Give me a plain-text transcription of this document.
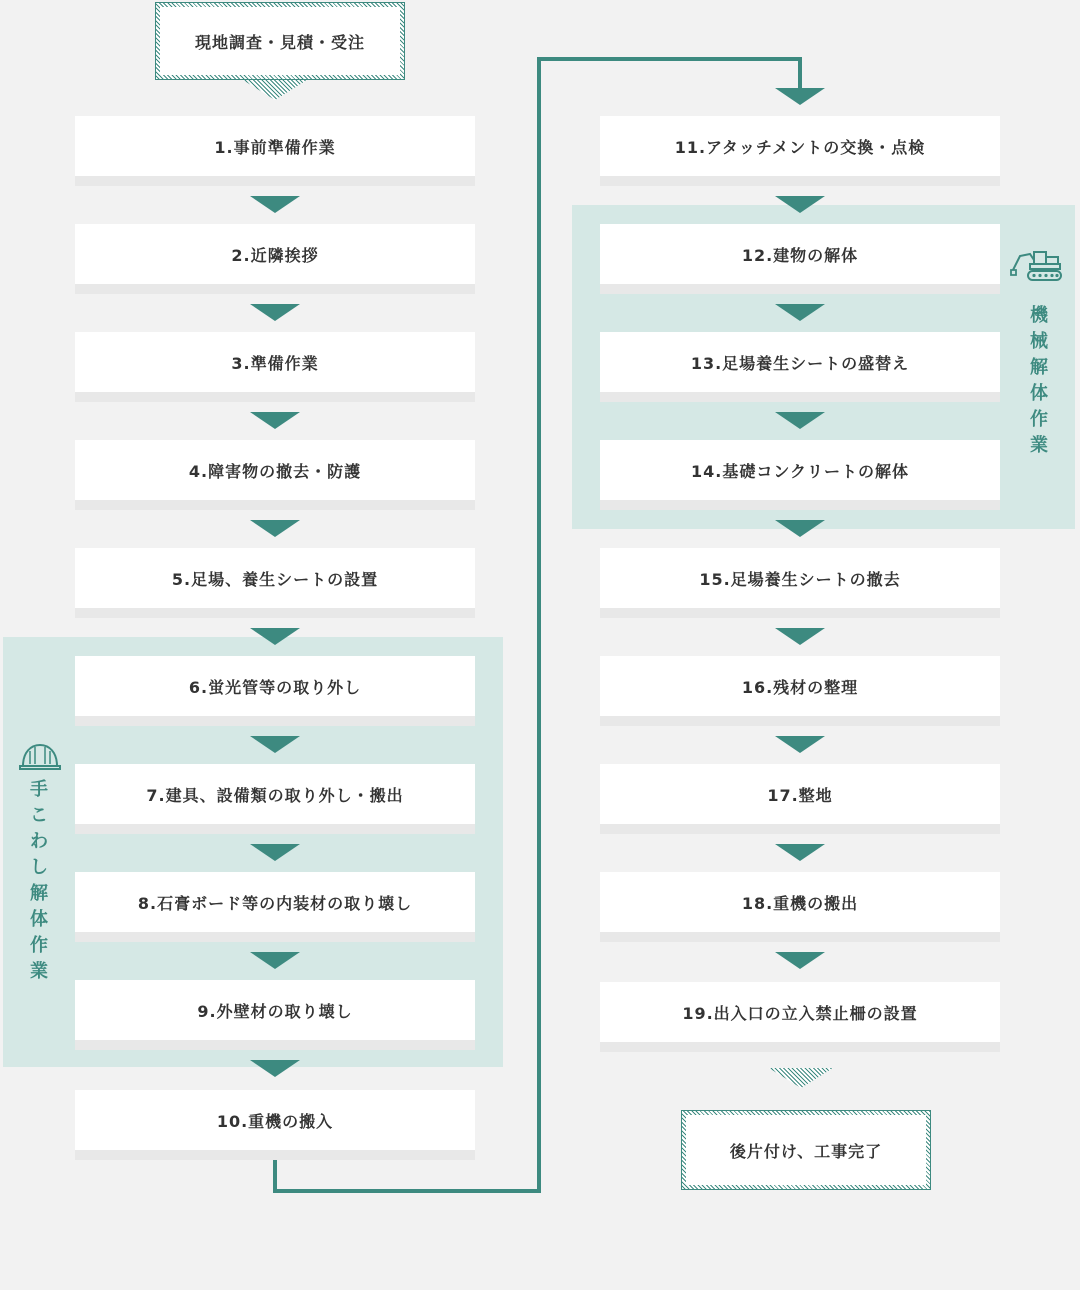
現地調査・見積・受注
1.事前準備作業
2.近隣挨拶
3.準備作業
4.障害物の撤去・防護
5.足場、養生シートの設置
6.蛍光管等の取り外し
7.建具、設備類の取り外し・搬出
8.石膏ボード等の内装材の取り壊し
9.外壁材の取り壊し
10.重機の搬入
11.アタッチメントの交換・点検
12.建物の解体
13.足場養生シートの盛替え
14.基礎コンクリートの解体
15.足場養生シートの撤去
16.残材の整理
17.整地
18.重機の搬出
19.出入口の立入禁止柵の設置
後片付け、工事完了
手
こ
わ
し
解
体
作
業
機
械
解
体
作
業
